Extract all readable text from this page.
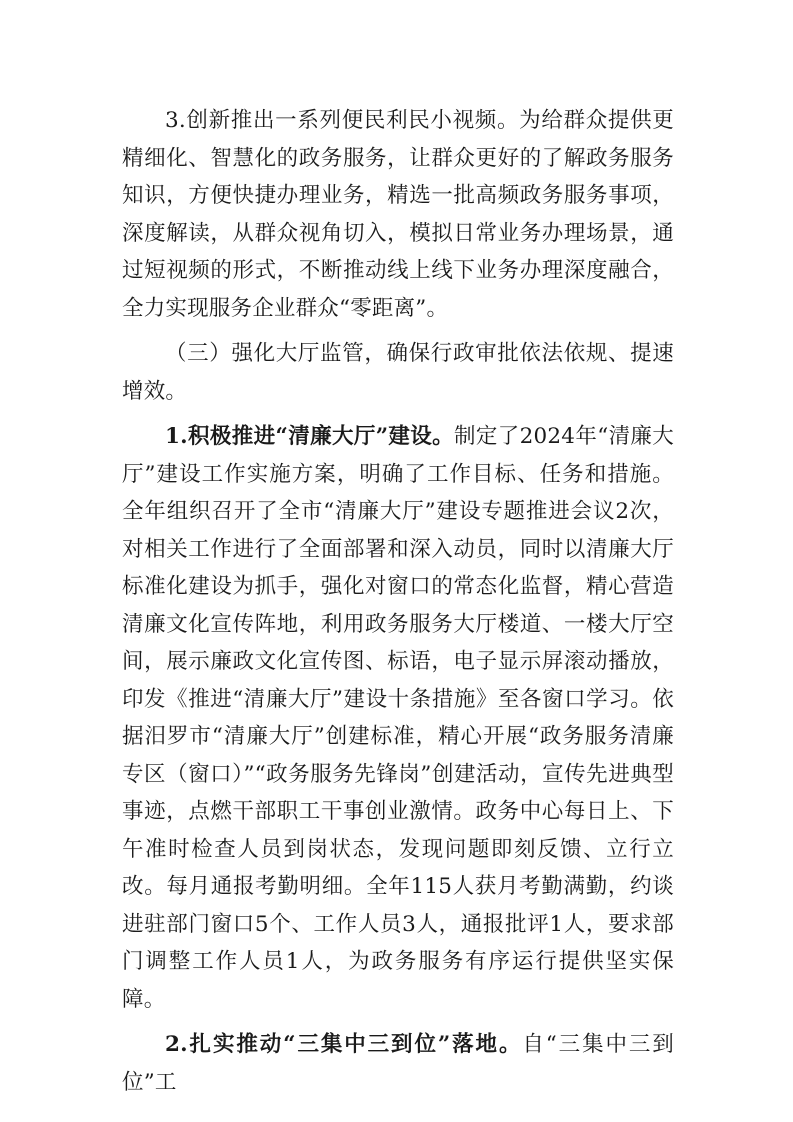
3.创新推出一系列便民利民小视频。为给群众提供更精细化、智慧化的政务服务，让群众更好的了解政务服务知识，方便快捷办理业务，精选一批高频政务服务事项，深度解读，从群众视角切入，模拟日常业务办理场景，通过短视频的形式，不断推动线上线下业务办理深度融合，全力实现服务企业群众“零距离”。

（三）强化大厅监管，确保行政审批依法依规、提速增效。

1.积极推进“清廉大厅”建设。制定了2024年“清廉大厅”建设工作实施方案，明确了工作目标、任务和措施。全年组织召开了全市“清廉大厅”建设专题推进会议2次，对相关工作进行了全面部署和深入动员，同时以清廉大厅标准化建设为抓手，强化对窗口的常态化监督，精心营造清廉文化宣传阵地，利用政务服务大厅楼道、一楼大厅空间，展示廉政文化宣传图、标语，电子显示屏滚动播放，印发《推进“清廉大厅”建设十条措施》至各窗口学习。依据汨罗市“清廉大厅”创建标准，精心开展“政务服务清廉专区（窗口）”“政务服务先锋岗”创建活动，宣传先进典型事迹，点燃干部职工干事创业激情。政务中心每日上、下午准时检查人员到岗状态，发现问题即刻反馈、立行立改。每月通报考勤明细。全年115人获月考勤满勤，约谈进驻部门窗口5个、工作人员3人，通报批评1人，要求部门调整工作人员1人，为政务服务有序运行提供坚实保障。

2.扎实推动“三集中三到位”落地。自“三集中三到位”工
